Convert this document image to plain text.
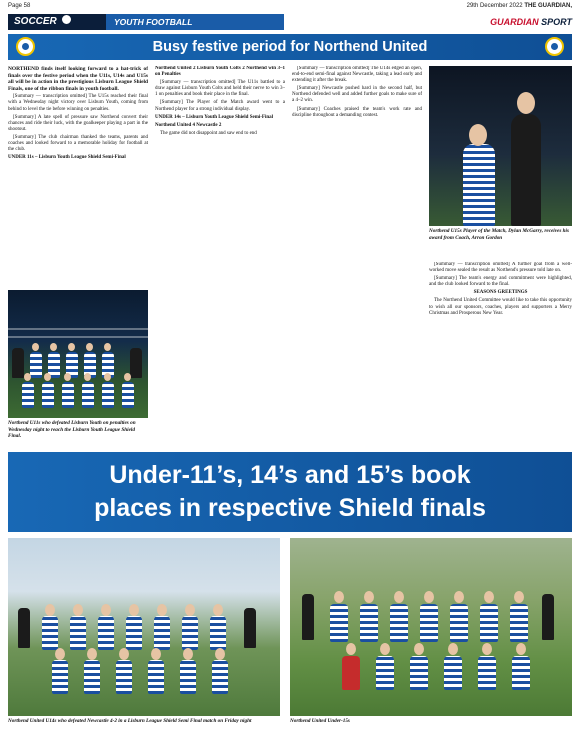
Page 58	29th December 2022 THE GUARDIAN,
SOCCER	YOUTH FOOTBALL	GUARDIAN SPORT
Busy festive period for Northend United

NORTHEND finds itself looking forward to a hat-trick of finals over the festive period when the U11s, U14s and U15s all will be in action in the prestigious Lisburn League Shield Finals, one of the ribbon finals in youth football.

[Summary — transcription omitted] The U15s reached their final with a Wednesday night victory over Lisburn Youth, coming from behind to level the tie before winning on penalties.

[Summary] A late spell of pressure saw Northend convert their chances and ride their luck, with the goalkeeper playing a part in the shootout.

[Summary] The club chairman thanked the teams, parents and coaches and looked forward to a memorable holiday for football at the club.

UNDER 11s – Lisburn Youth League Shield Semi-Final

Northend U11s who defeated Lisburn Youth on penalties on Wednesday night to reach the Lisburn Youth League Shield Final.

Northend United 2 Lisburn Youth Colts 2 Northend win 3–1 on Penalties

[Summary — transcription omitted] The U11s battled to a draw against Lisburn Youth Colts and held their nerve to win 3–1 on penalties and book their place in the final.

[Summary] The Player of the Match award went to a Northend player for a strong individual display.

UNDER 14s – Lisburn Youth League Shield Semi-Final

Northend United 4 Newcastle 2

The game did not disappoint and saw end to end

[Summary — transcription omitted] The U14s edged an open, end-to-end semi-final against Newcastle, taking a lead early and extending it after the break.

[Summary] Newcastle pushed hard in the second half, but Northend defended well and added further goals to make sure of a 4–2 win.

[Summary] Coaches praised the team's work rate and discipline throughout a demanding contest.

Northend U15s Player of the Match, Dylan McGarry, receives his award from Coach, Arron Gordon

[Summary — transcription omitted] A further goal from a well-worked move sealed the result as Northend's pressure told late on.

[Summary] The team's energy and commitment were highlighted, and the club looked forward to the final.

SEASONS GREETINGS

The Northend United Committee would like to take this opportunity to wish all our sponsors, coaches, players and supporters a Merry Christmas and Prosperous New Year.

Under-11’s, 14’s and 15’s book
places in respective Shield finals
Northend United U14s who defeated Newcastle 4-2 in a Lisburn League Shield Semi Final match on Friday night	Northend United Under-15s
